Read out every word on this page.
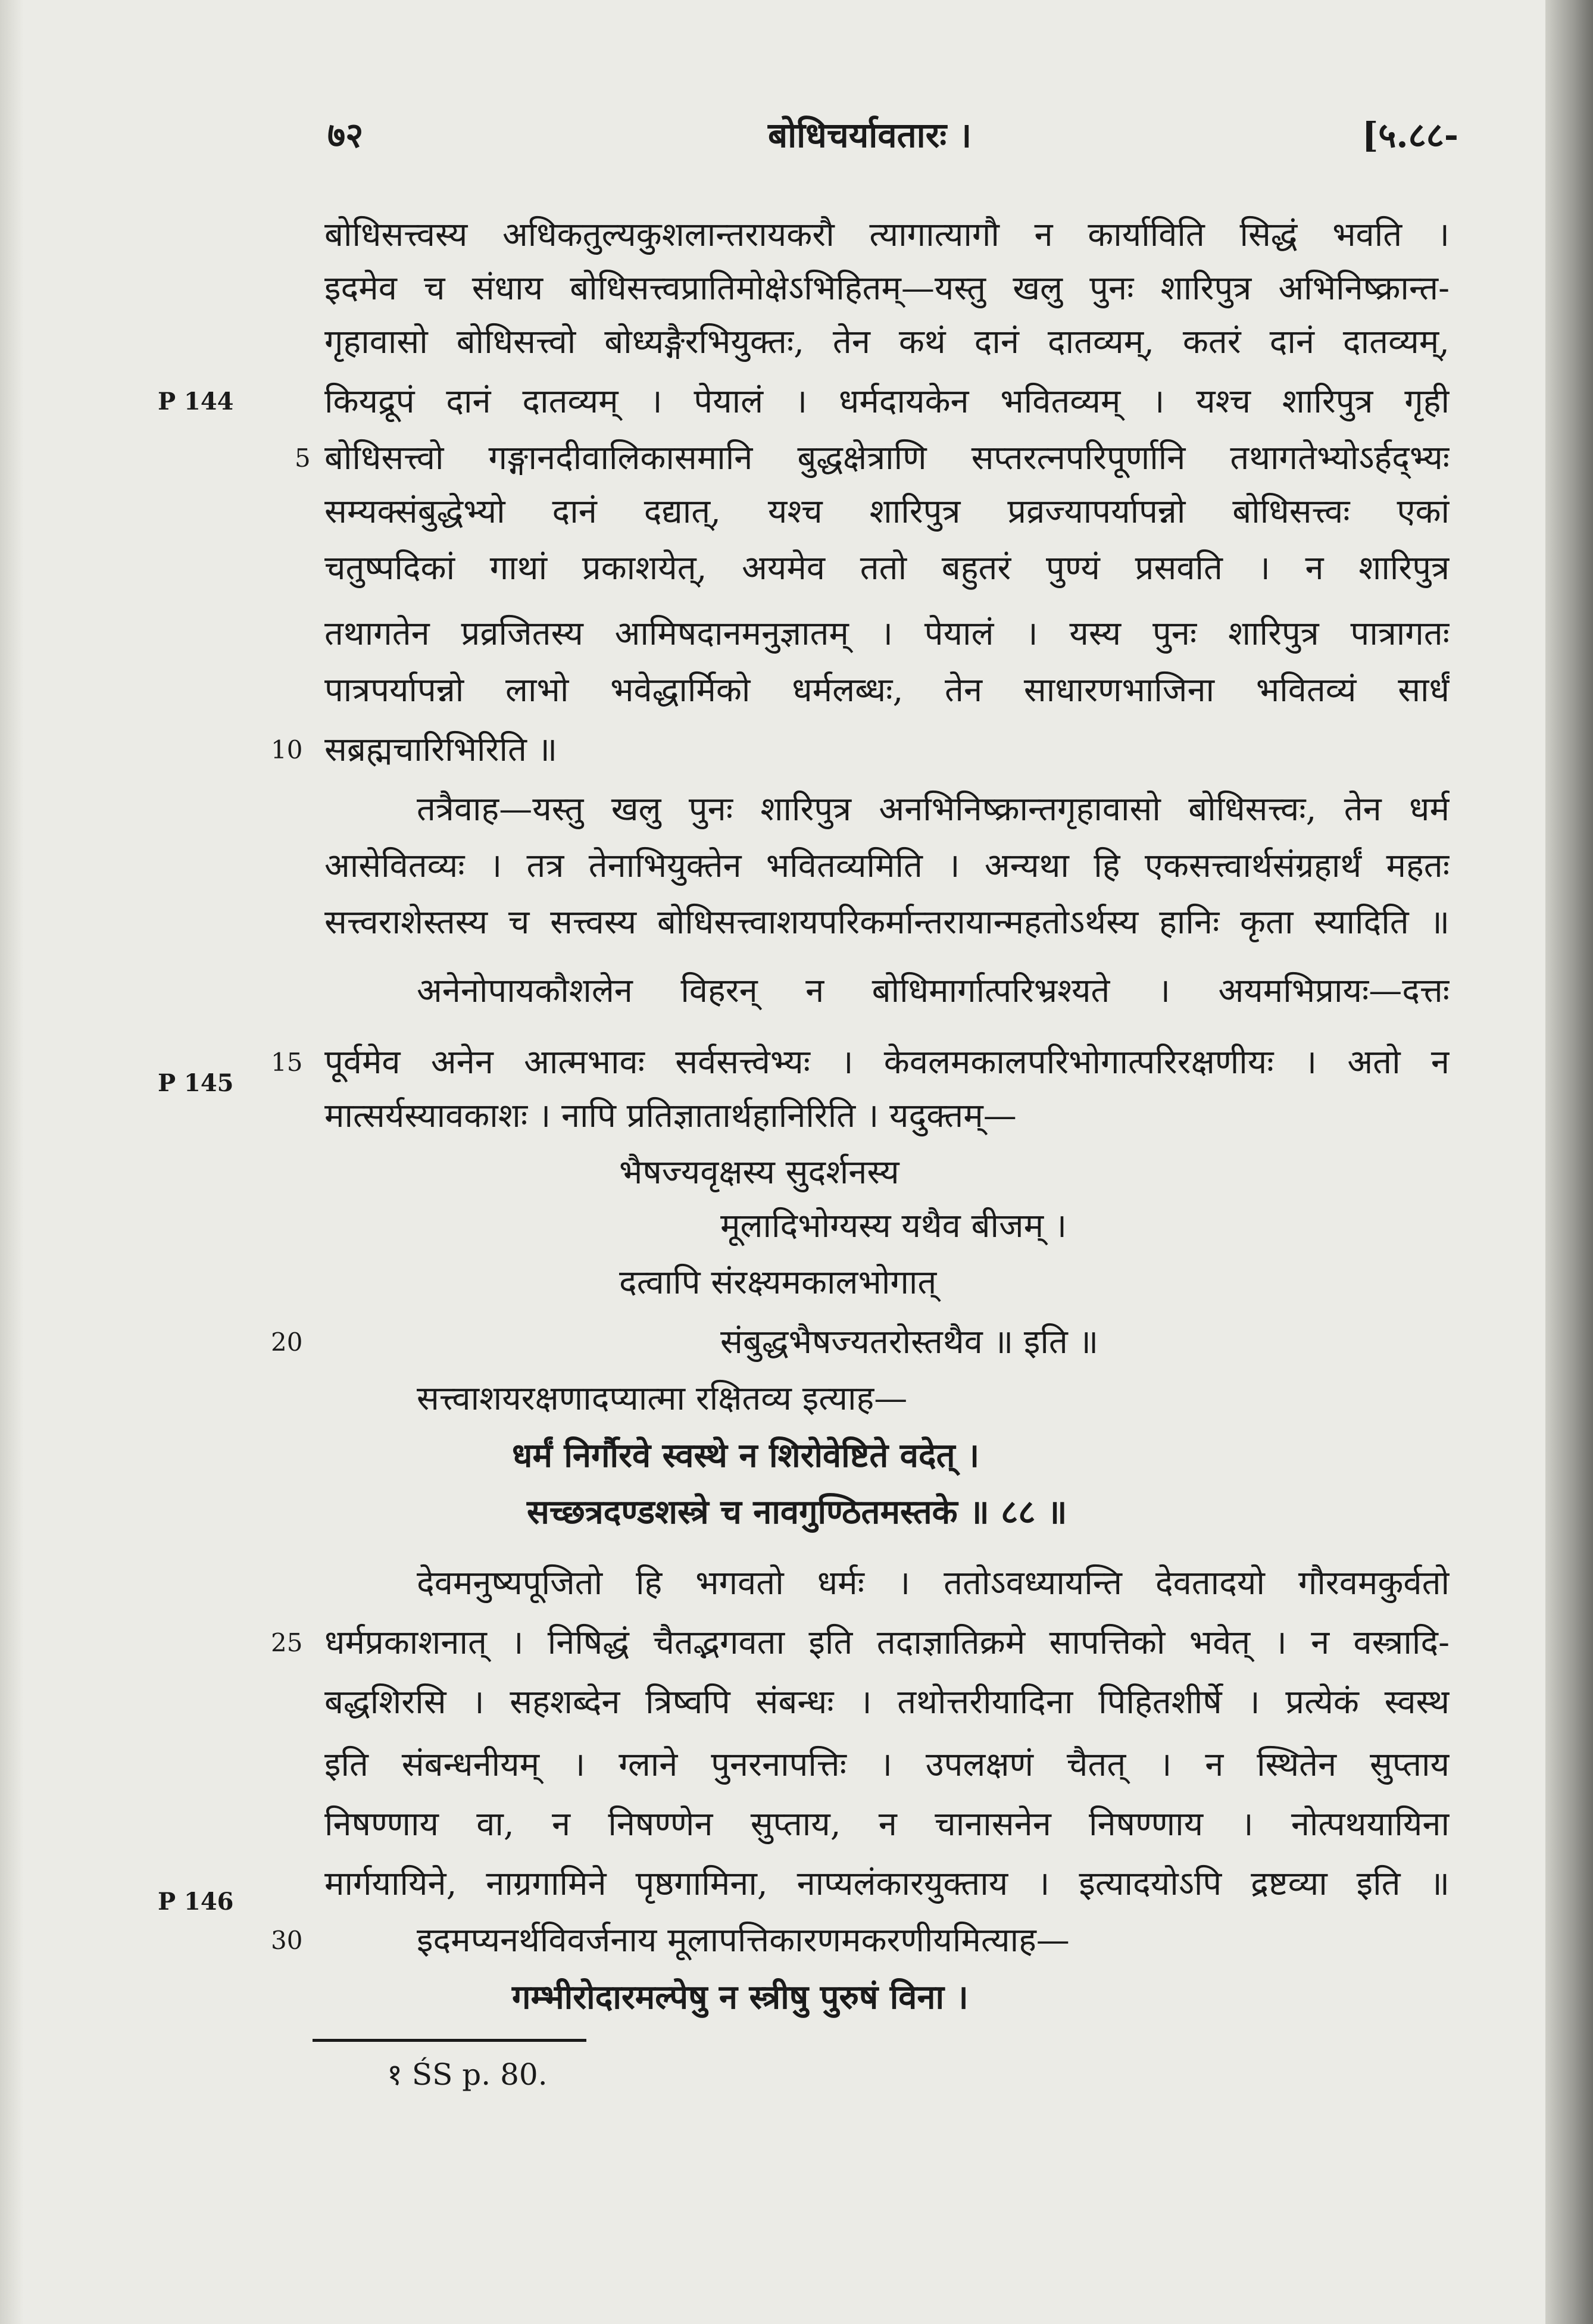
७२	बोधिचर्यावतारः ।	[५.८८-
P 144
P 145
P 146
5
10
15
20
25
30
बोधिसत्त्वस्य अधिकतुल्यकुशलान्तरायकरौ त्यागात्यागौ न कार्याविति सिद्धं भवति ।
इदमेव च संधाय बोधिसत्त्वप्रातिमोक्षेऽभिहितम्—यस्तु खलु पुनः शारिपुत्र अभिनिष्क्रान्त-
गृहावासो बोधिसत्त्वो बोध्यङ्गैरभियुक्तः, तेन कथं दानं दातव्यम्, कतरं दानं दातव्यम्,
कियद्रूपं दानं दातव्यम् । पेयालं । धर्मदायकेन भवितव्यम् । यश्च शारिपुत्र गृही
बोधिसत्त्वो गङ्गानदीवालिकासमानि बुद्धक्षेत्राणि सप्तरत्नपरिपूर्णानि तथागतेभ्योऽर्हद्भ्यः
सम्यक्संबुद्धेभ्यो दानं दद्यात्, यश्च शारिपुत्र प्रव्रज्यापर्यापन्नो बोधिसत्त्वः एकां
चतुष्पदिकां गाथां प्रकाशयेत्, अयमेव ततो बहुतरं पुण्यं प्रसवति । न शारिपुत्र
तथागतेन प्रव्रजितस्य आमिषदानमनुज्ञातम् । पेयालं । यस्य पुनः शारिपुत्र पात्रागतः
पात्रपर्यापन्नो लाभो भवेद्धार्मिको धर्मलब्धः, तेन साधारणभाजिना भवितव्यं सार्धं
सब्रह्मचारिभिरिति ॥
तत्रैवाह—यस्तु खलु पुनः शारिपुत्र अनभिनिष्क्रान्तगृहावासो बोधिसत्त्वः, तेन धर्म
आसेवितव्यः । तत्र तेनाभियुक्तेन भवितव्यमिति । अन्यथा हि एकसत्त्वार्थसंग्रहार्थं महतः
सत्त्वराशेस्तस्य च सत्त्वस्य बोधिसत्त्वाशयपरिकर्मान्तरायान्महतोऽर्थस्य हानिः कृता स्यादिति ॥
अनेनोपायकौशलेन विहरन् न बोधिमार्गात्परिभ्रश्यते । अयमभिप्रायः—दत्तः
पूर्वमेव अनेन आत्मभावः सर्वसत्त्वेभ्यः । केवलमकालपरिभोगात्परिरक्षणीयः । अतो न
मात्सर्यस्यावकाशः । नापि प्रतिज्ञातार्थहानिरिति । यदुक्तम्—
भैषज्यवृक्षस्य सुदर्शनस्य
मूलादिभोग्यस्य यथैव बीजम् ।
दत्वापि संरक्ष्यमकालभोगात्
संबुद्धभैषज्यतरोस्तथैव ॥ इति ॥
सत्त्वाशयरक्षणादप्यात्मा रक्षितव्य इत्याह—
धर्मं निर्गौरवे स्वस्थे न शिरोवेष्टिते वदेत् ।
सच्छत्रदण्डशस्त्रे च नावगुण्ठितमस्तके ॥ ८८ ॥
देवमनुष्यपूजितो हि भगवतो धर्मः । ततोऽवध्यायन्ति देवतादयो गौरवमकुर्वतो
धर्मप्रकाशनात् । निषिद्धं चैतद्भगवता इति तदाज्ञातिक्रमे सापत्तिको भवेत् । न वस्त्रादि-
बद्धशिरसि । सहशब्देन त्रिष्वपि संबन्धः । तथोत्तरीयादिना पिहितशीर्षे । प्रत्येकं स्वस्थ
इति संबन्धनीयम् । ग्लाने पुनरनापत्तिः । उपलक्षणं चैतत् । न स्थितेन सुप्ताय
निषण्णाय वा, न निषण्णेन सुप्ताय, न चानासनेन निषण्णाय । नोत्पथयायिना
मार्गयायिने, नाग्रगामिने पृष्ठगामिना, नाप्यलंकारयुक्ताय । इत्यादयोऽपि द्रष्टव्या इति ॥
इदमप्यनर्थविवर्जनाय मूलापत्तिकारणमकरणीयमित्याह—
गम्भीरोदारमल्पेषु न स्त्रीषु पुरुषं विना ।
१ ŚS p. 80.
